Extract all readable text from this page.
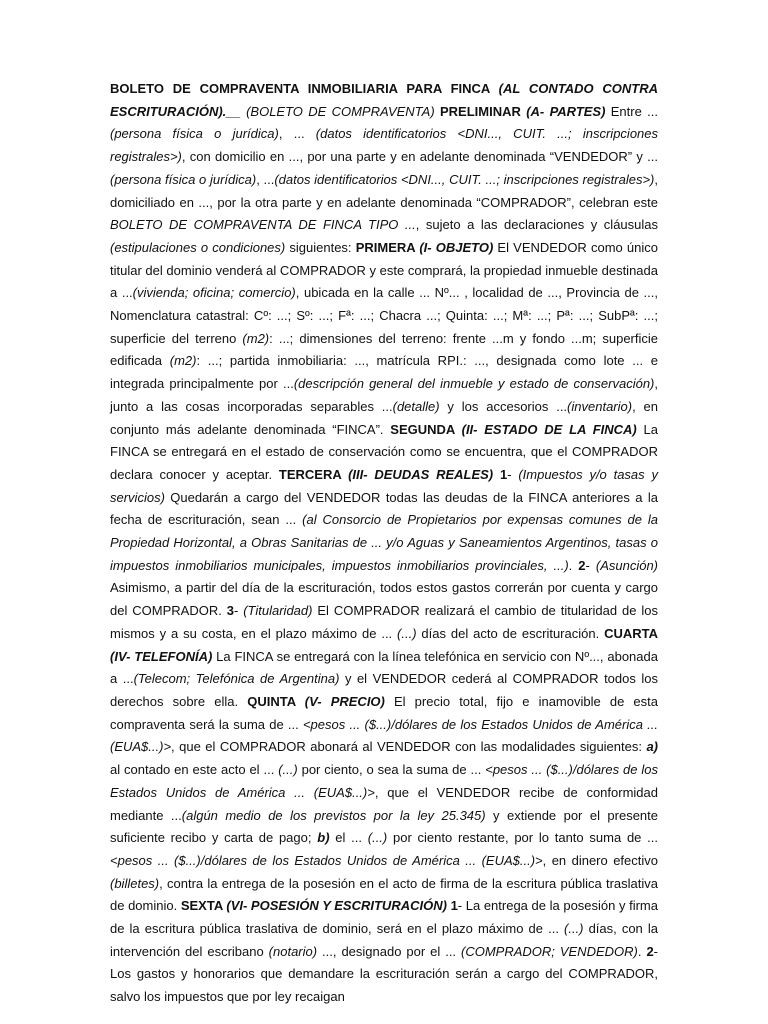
BOLETO DE COMPRAVENTA INMOBILIARIA PARA FINCA (AL CONTADO CONTRA ESCRITURACIÓN).__ (BOLETO DE COMPRAVENTA) PRELIMINAR (A- PARTES) Entre ... (persona física o jurídica), ... (datos identificatorios <DNI..., CUIT. ...; inscripciones registrales>), con domicilio en ..., por una parte y en adelante denominada “VENDEDOR” y ...(persona física o jurídica), ...(datos identificatorios <DNI..., CUIT. ...; inscripciones registrales>), domiciliado en ..., por la otra parte y en adelante denominada “COMPRADOR”, celebran este BOLETO DE COMPRAVENTA DE FINCA TIPO ..., sujeto a las declaraciones y cláusulas (estipulaciones o condiciones) siguientes: PRIMERA (I- OBJETO) El VENDEDOR como único titular del dominio venderá al COMPRADOR y este comprará, la propiedad inmueble destinada a ...(vivienda; oficina; comercio), ubicada en la calle ... Nº... , localidad de ..., Provincia de ..., Nomenclatura catastral: Cº: ...; Sº: ...; Fª: ...; Chacra ...; Quinta: ...; Mª: ...; Pª: ...; SubPª: ...; superficie del terreno (m2): ...; dimensiones del terreno: frente ...m y fondo ...m; superficie edificada (m2): ...; partida inmobiliaria: ..., matrícula RPI.: ..., designada como lote ... e integrada principalmente por ...(descripción general del inmueble y estado de conservación), junto a las cosas incorporadas separables ...(detalle) y los accesorios ...(inventario), en conjunto más adelante denominada “FINCA”. SEGUNDA (II- ESTADO DE LA FINCA) La FINCA se entregará en el estado de conservación como se encuentra, que el COMPRADOR declara conocer y aceptar. TERCERA (III- DEUDAS REALES) 1- (Impuestos y/o tasas y servicios) Quedarán a cargo del VENDEDOR todas las deudas de la FINCA anteriores a la fecha de escrituración, sean ... (al Consorcio de Propietarios por expensas comunes de la Propiedad Horizontal, a Obras Sanitarias de ... y/o Aguas y Saneamientos Argentinos, tasas o impuestos inmobiliarios municipales, impuestos inmobiliarios provinciales, ...). 2- (Asunción) Asimismo, a partir del día de la escrituración, todos estos gastos correrán por cuenta y cargo del COMPRADOR. 3- (Titularidad) El COMPRADOR realizará el cambio de titularidad de los mismos y a su costa, en el plazo máximo de ... (...) días del acto de escrituración. CUARTA (IV- TELEFONÍA) La FINCA se entregará con la línea telefónica en servicio con Nº..., abonada a ...(Telecom; Telefónica de Argentina) y el VENDEDOR cederá al COMPRADOR todos los derechos sobre ella. QUINTA (V- PRECIO) El precio total, fijo e inamovible de esta compraventa será la suma de ... <pesos ... ($...)/dólares de los Estados Unidos de América ... (EUA$...)>, que el COMPRADOR abonará al VENDEDOR con las modalidades siguientes: a) al contado en este acto el ... (...) por ciento, o sea la suma de ... <pesos ... ($...)/dólares de los Estados Unidos de América ... (EUA$...)>, que el VENDEDOR recibe de conformidad mediante ...(algún medio de los previstos por la ley 25.345) y extiende por el presente suficiente recibo y carta de pago; b) el ... (...) por ciento restante, por lo tanto suma de ...<pesos ... ($...)/dólares de los Estados Unidos de América ... (EUA$...)>, en dinero efectivo (billetes), contra la entrega de la posesión en el acto de firma de la escritura pública traslativa de dominio. SEXTA (VI- POSESIÓN Y ESCRITURACIÓN) 1- La entrega de la posesión y firma de la escritura pública traslativa de dominio, será en el plazo máximo de ... (...) días, con la intervención del escribano (notario) ..., designado por el ... (COMPRADOR; VENDEDOR). 2- Los gastos y honorarios que demandare la escrituración serán a cargo del COMPRADOR, salvo los impuestos que por ley recaigan
